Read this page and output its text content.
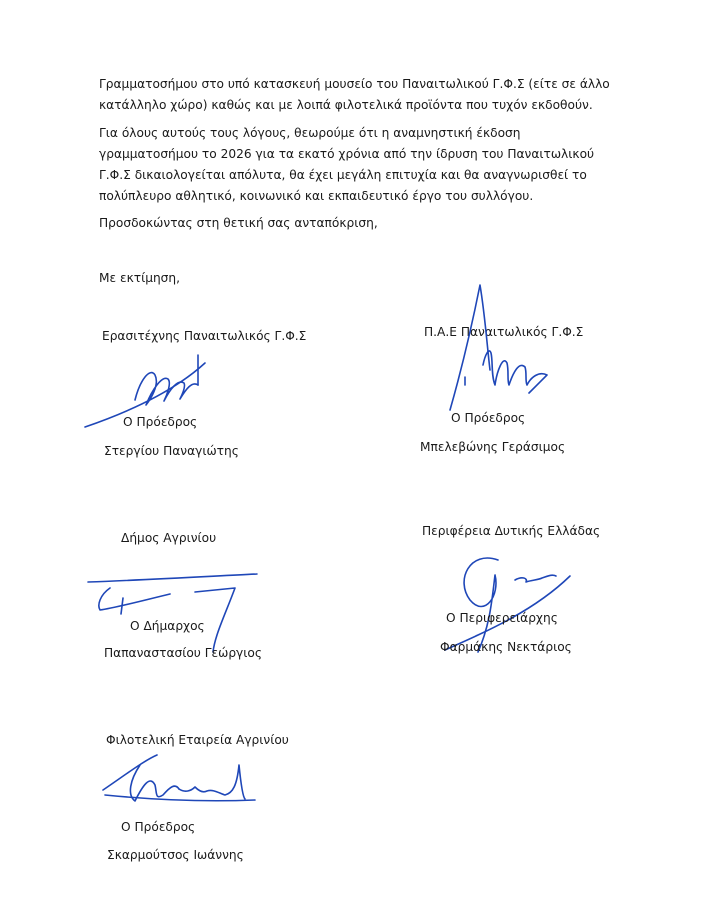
Γραμματοσήμου στο υπό κατασκευή μουσείο του Παναιτωλικού Γ.Φ.Σ (είτε σε άλλο κατάλληλο χώρο) καθώς και με λοιπά φιλοτελικά προϊόντα που τυχόν εκδοθούν.

Για όλους αυτούς τους λόγους, θεωρούμε ότι η αναμνηστική έκδοση γραμματοσήμου το 2026 για τα εκατό χρόνια από την ίδρυση του Παναιτωλικού Γ.Φ.Σ δικαιολογείται απόλυτα, θα έχει μεγάλη επιτυχία και θα αναγνωρισθεί το πολύπλευρο αθλητικό, κοινωνικό και εκπαιδευτικό έργο του συλλόγου.

Προσδοκώντας στη θετική σας ανταπόκριση,

Με εκτίμηση,

Ερασιτέχνης Παναιτωλικός Γ.Φ.Σ

Ο Πρόεδρος

Στεργίου Παναγιώτης

Π.Α.Ε Παναιτωλικός Γ.Φ.Σ

Ο Πρόεδρος

Μπελεβώνης Γεράσιμος

Δήμος Αγρινίου

Ο Δήμαρχος

Παπαναστασίου Γεώργιος

Περιφέρεια Δυτικής Ελλάδας

Ο Περιφερειάρχης

Φαρμάκης Νεκτάριος

Φιλοτελική Εταιρεία Αγρινίου

Ο Πρόεδρος

Σκαρμούτσος Ιωάννης
